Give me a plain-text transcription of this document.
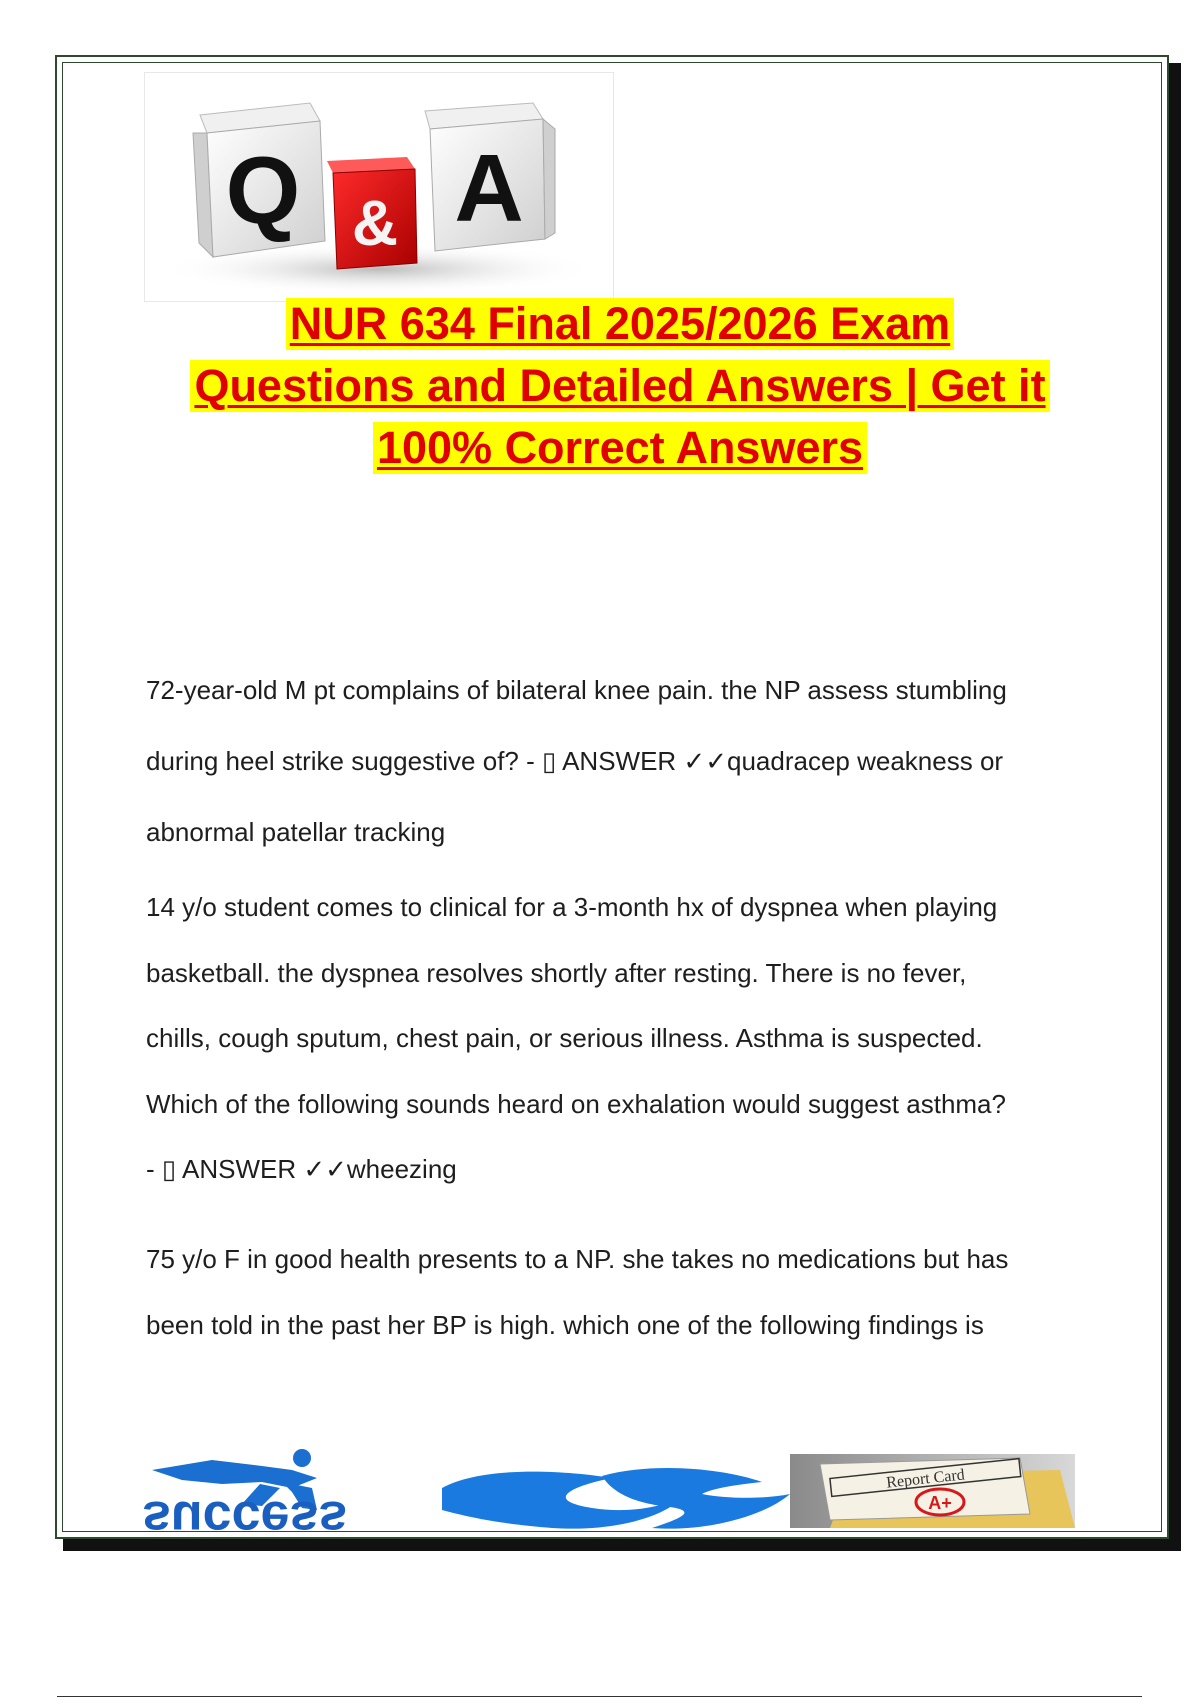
Q A
&
NUR 634 Final 2025/2026 Exam
Questions and Detailed Answers | Get it
100% Correct Answers

72-year-old M pt complains of bilateral knee pain. the NP assess stumbling
during heel strike suggestive of? - ▯ ANSWER ✓✓quadracep weakness or
abnormal patellar tracking

14 y/o student comes to clinical for a 3-month hx of dyspnea when playing
basketball. the dyspnea resolves shortly after resting. There is no fever,
chills, cough sputum, chest pain, or serious illness. Asthma is suspected.
Which of the following sounds heard on exhalation would suggest asthma?
- ▯ ANSWER ✓✓wheezing

75 y/o F in good health presents to a NP. she takes no medications but has
been told in the past her BP is high. which one of the following findings is

success
Report Card
A+
